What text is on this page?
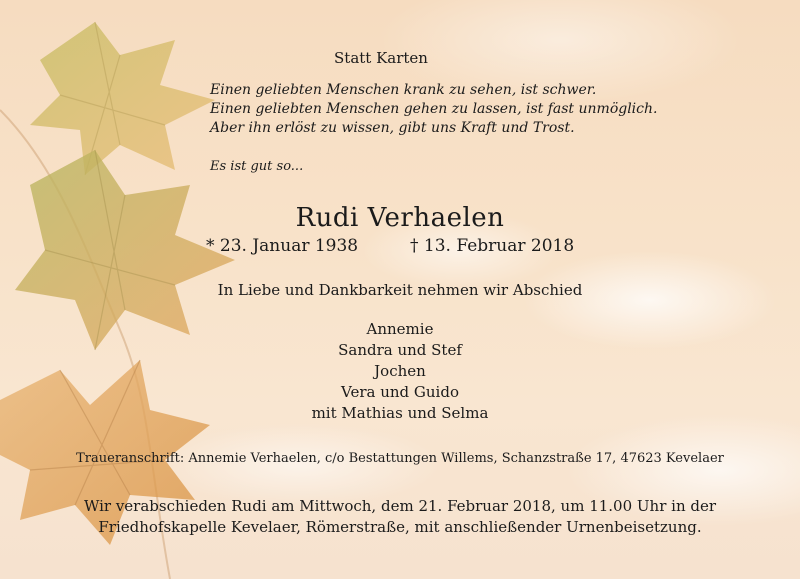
Statt Karten
Einen geliebten Menschen krank zu sehen, ist schwer.
Einen geliebten Menschen gehen zu lassen, ist fast unmöglich.
Aber ihn erlöst zu wissen, gibt uns Kraft und Trost.
Es ist gut so...
Rudi Verhaelen
* 23. Januar 1938	† 13. Februar 2018
In Liebe und Dankbarkeit nehmen wir Abschied
Annemie
Sandra und Stef
Jochen
Vera und Guido
mit Mathias und Selma
Traueranschrift: Annemie Verhaelen, c/o Bestattungen Willems, Schanzstraße 17, 47623 Kevelaer
Wir verabschieden Rudi am Mittwoch, dem 21. Februar 2018, um 11.00 Uhr in der
Friedhofskapelle Kevelaer, Römerstraße, mit anschließender Urnenbeisetzung.
